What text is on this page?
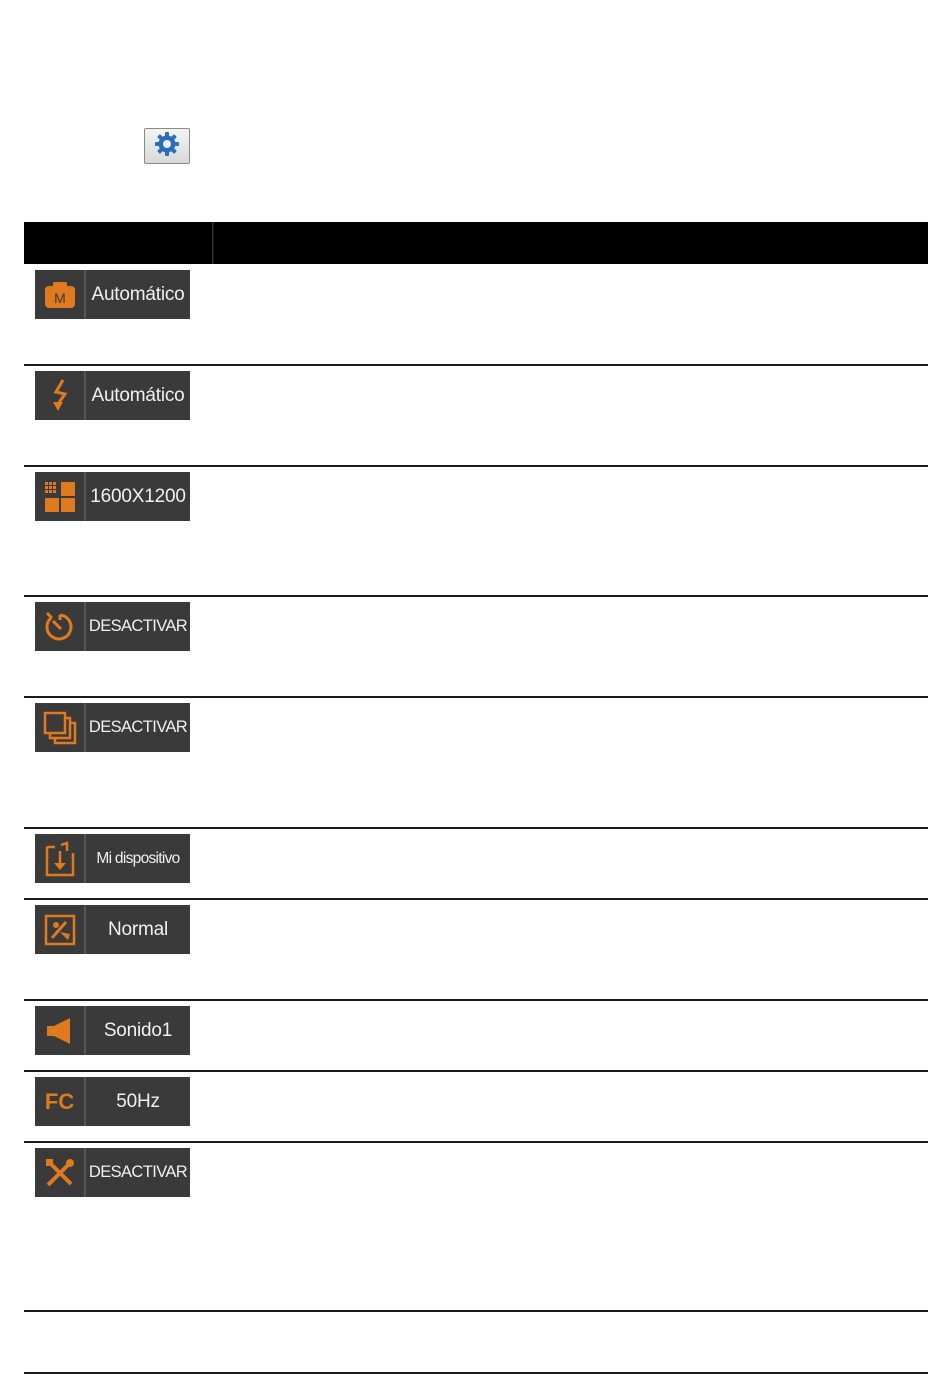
M Automático
Automático
1600X1200
DESACTIVAR
DESACTIVAR
Mi dispositivo
Normal
Sonido1
FC	50Hz
DESACTIVAR
